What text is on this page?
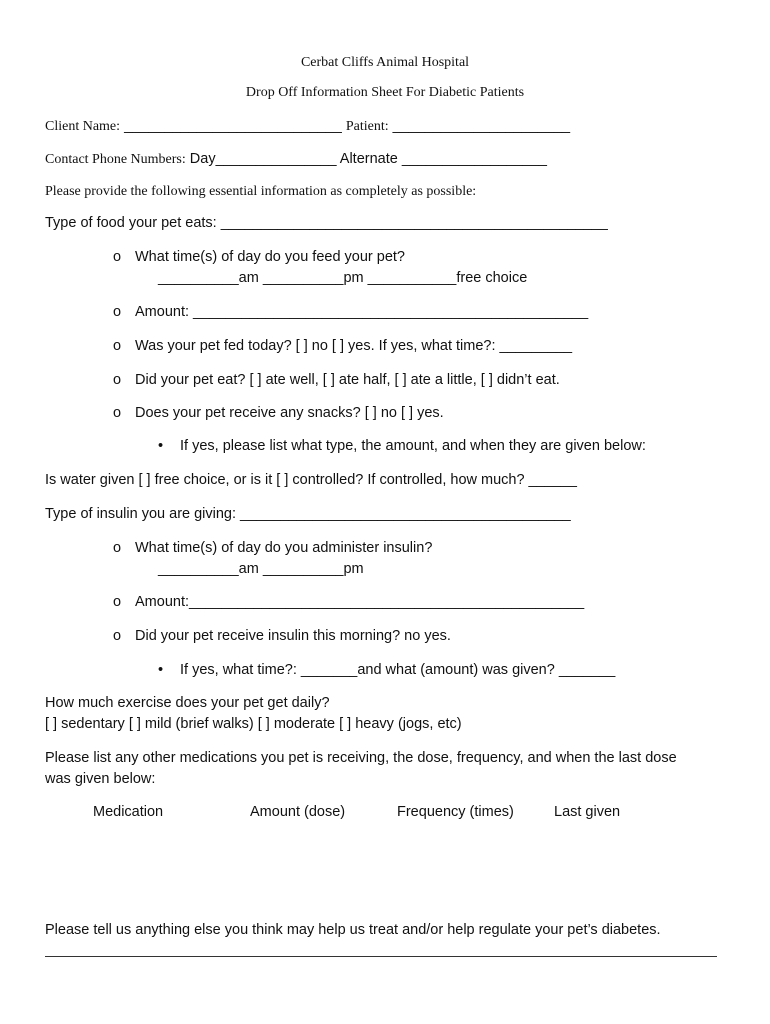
Cerbat Cliffs Animal Hospital
Drop Off Information Sheet For Diabetic Patients
Client Name: ___________________________ Patient: ______________________
Contact Phone Numbers: Day_______________ Alternate __________________
Please provide the following essential information as completely as possible:
Type of food your pet eats: ________________________________________________
o What time(s) of day do you feed your pet?
__________am __________pm ___________free choice
o Amount: _________________________________________________
o Was your pet fed today? [ ] no [ ] yes. If yes, what time?: _________
o Did your pet eat? [ ] ate well, [ ] ate half, [ ] ate a little, [ ] didn’t eat.
o Does your pet receive any snacks? [ ] no [ ] yes.
• If yes, please list what type, the amount, and when they are given below:
Is water given [ ] free choice, or is it [ ] controlled? If controlled, how much? ______
Type of insulin you are giving: _________________________________________
o What time(s) of day do you administer insulin?
__________am __________pm
o Amount:_________________________________________________
o Did your pet receive insulin this morning? no yes.
• If yes, what time?: _______and what (amount) was given? _______
How much exercise does your pet get daily?
[ ] sedentary [ ] mild (brief walks) [ ] moderate [ ] heavy (jogs, etc)
Please list any other medications you pet is receiving, the dose, frequency, and when the last dose
was given below:
Medication	Amount (dose)	Frequency (times)	Last given
Please tell us anything else you think may help us treat and/or help regulate your pet’s diabetes.
